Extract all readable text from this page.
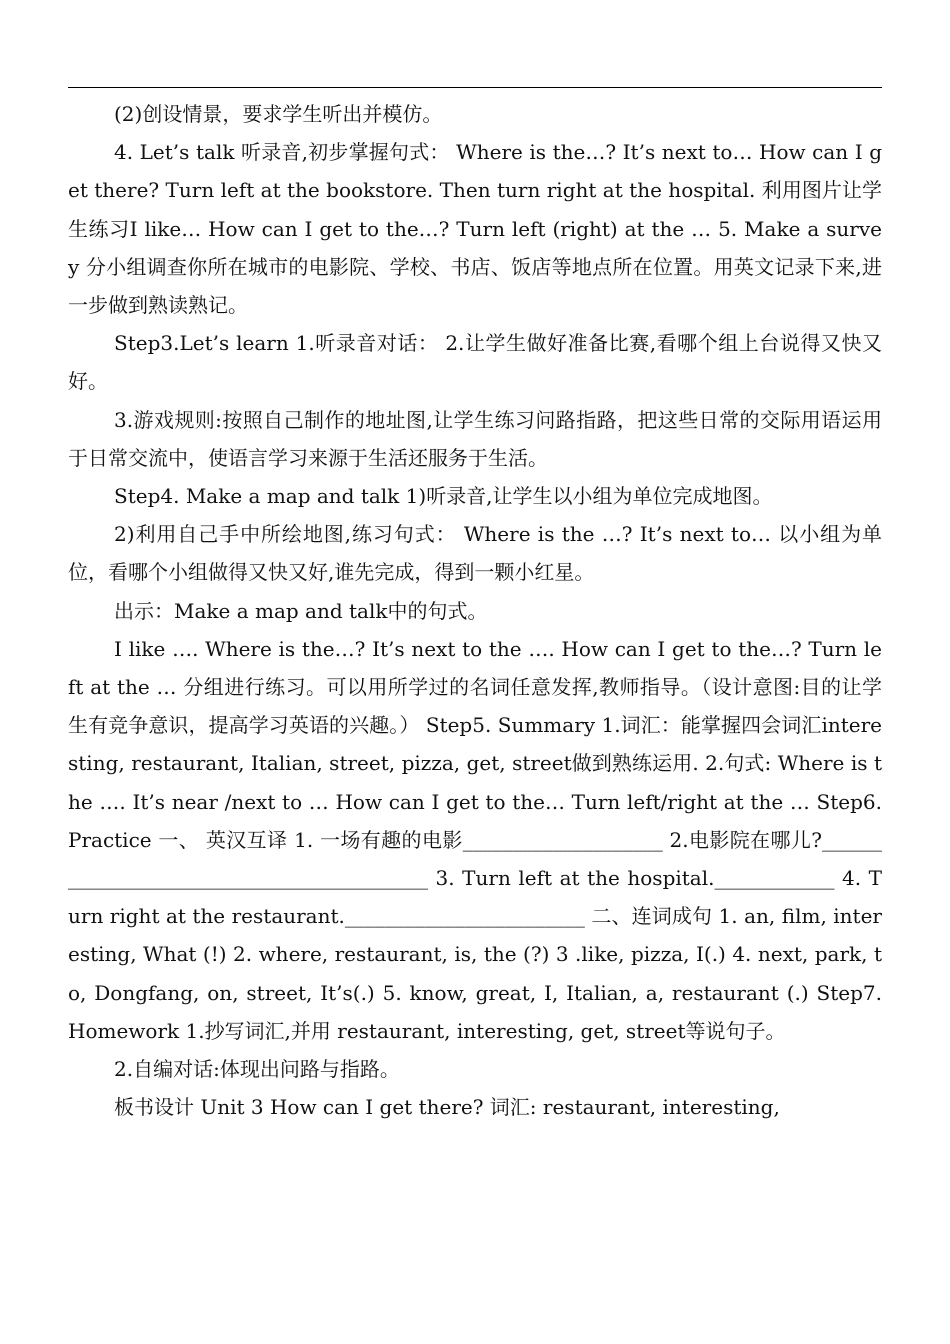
(2)创设情景，要求学生听出并模仿。

4. Let’s talk 听录音,初步掌握句式： Where is the…? It’s next to… How can I get there? Turn left at the bookstore. Then turn right at the hospital. 利用图片让学生练习I like… How can I get to the…? Turn left (right) at the … 5. Make a survey 分小组调查你所在城市的电影院、学校、书店、饭店等地点所在位置。用英文记录下来,进一步做到熟读熟记。

Step3.Let’s learn 1.听录音对话： 2.让学生做好准备比赛,看哪个组上台说得又快又好。

3.游戏规则:按照自己制作的地址图,让学生练习问路指路，把这些日常的交际用语运用于日常交流中，使语言学习来源于生活还服务于生活。

Step4. Make a map and talk 1)听录音,让学生以小组为单位完成地图。

2)利用自己手中所绘地图,练习句式： Where is the …? It’s next to… 以小组为单位，看哪个小组做得又快又好,谁先完成，得到一颗小红星。

出示：Make a map and talk中的句式。

I like …. Where is the…? It’s next to the …. How can I get to the…? Turn left at the … 分组进行练习。可以用所学过的名词任意发挥,教师指导。（设计意图:目的让学生有竞争意识，提高学习英语的兴趣。） Step5. Summary 1.词汇：能掌握四会词汇interesting, restaurant, Italian, street, pizza, get, street做到熟练运用. 2.句式: Where is the …. It’s near /next to … How can I get to the… Turn left/right at the … Step6.Practice 一、 英汉互译 1. 一场有趣的电影____________________ 2.电影院在哪儿?__________________________________________ 3. Turn left at the hospital.____________ 4. Turn right at the restaurant.________________________ 二、连词成句 1. an, film, interesting, What (!) 2. where, restaurant, is, the (?) 3 .like, pizza, I(.) 4. next, park, to, Dongfang, on, street, It’s(.) 5. know, great, I, Italian, a, restaurant (.) Step7. Homework 1.抄写词汇,并用 restaurant, interesting, get, street等说句子。

2.自编对话:体现出问路与指路。

板书设计 Unit 3 How can I get there? 词汇: restaurant, interesting,
